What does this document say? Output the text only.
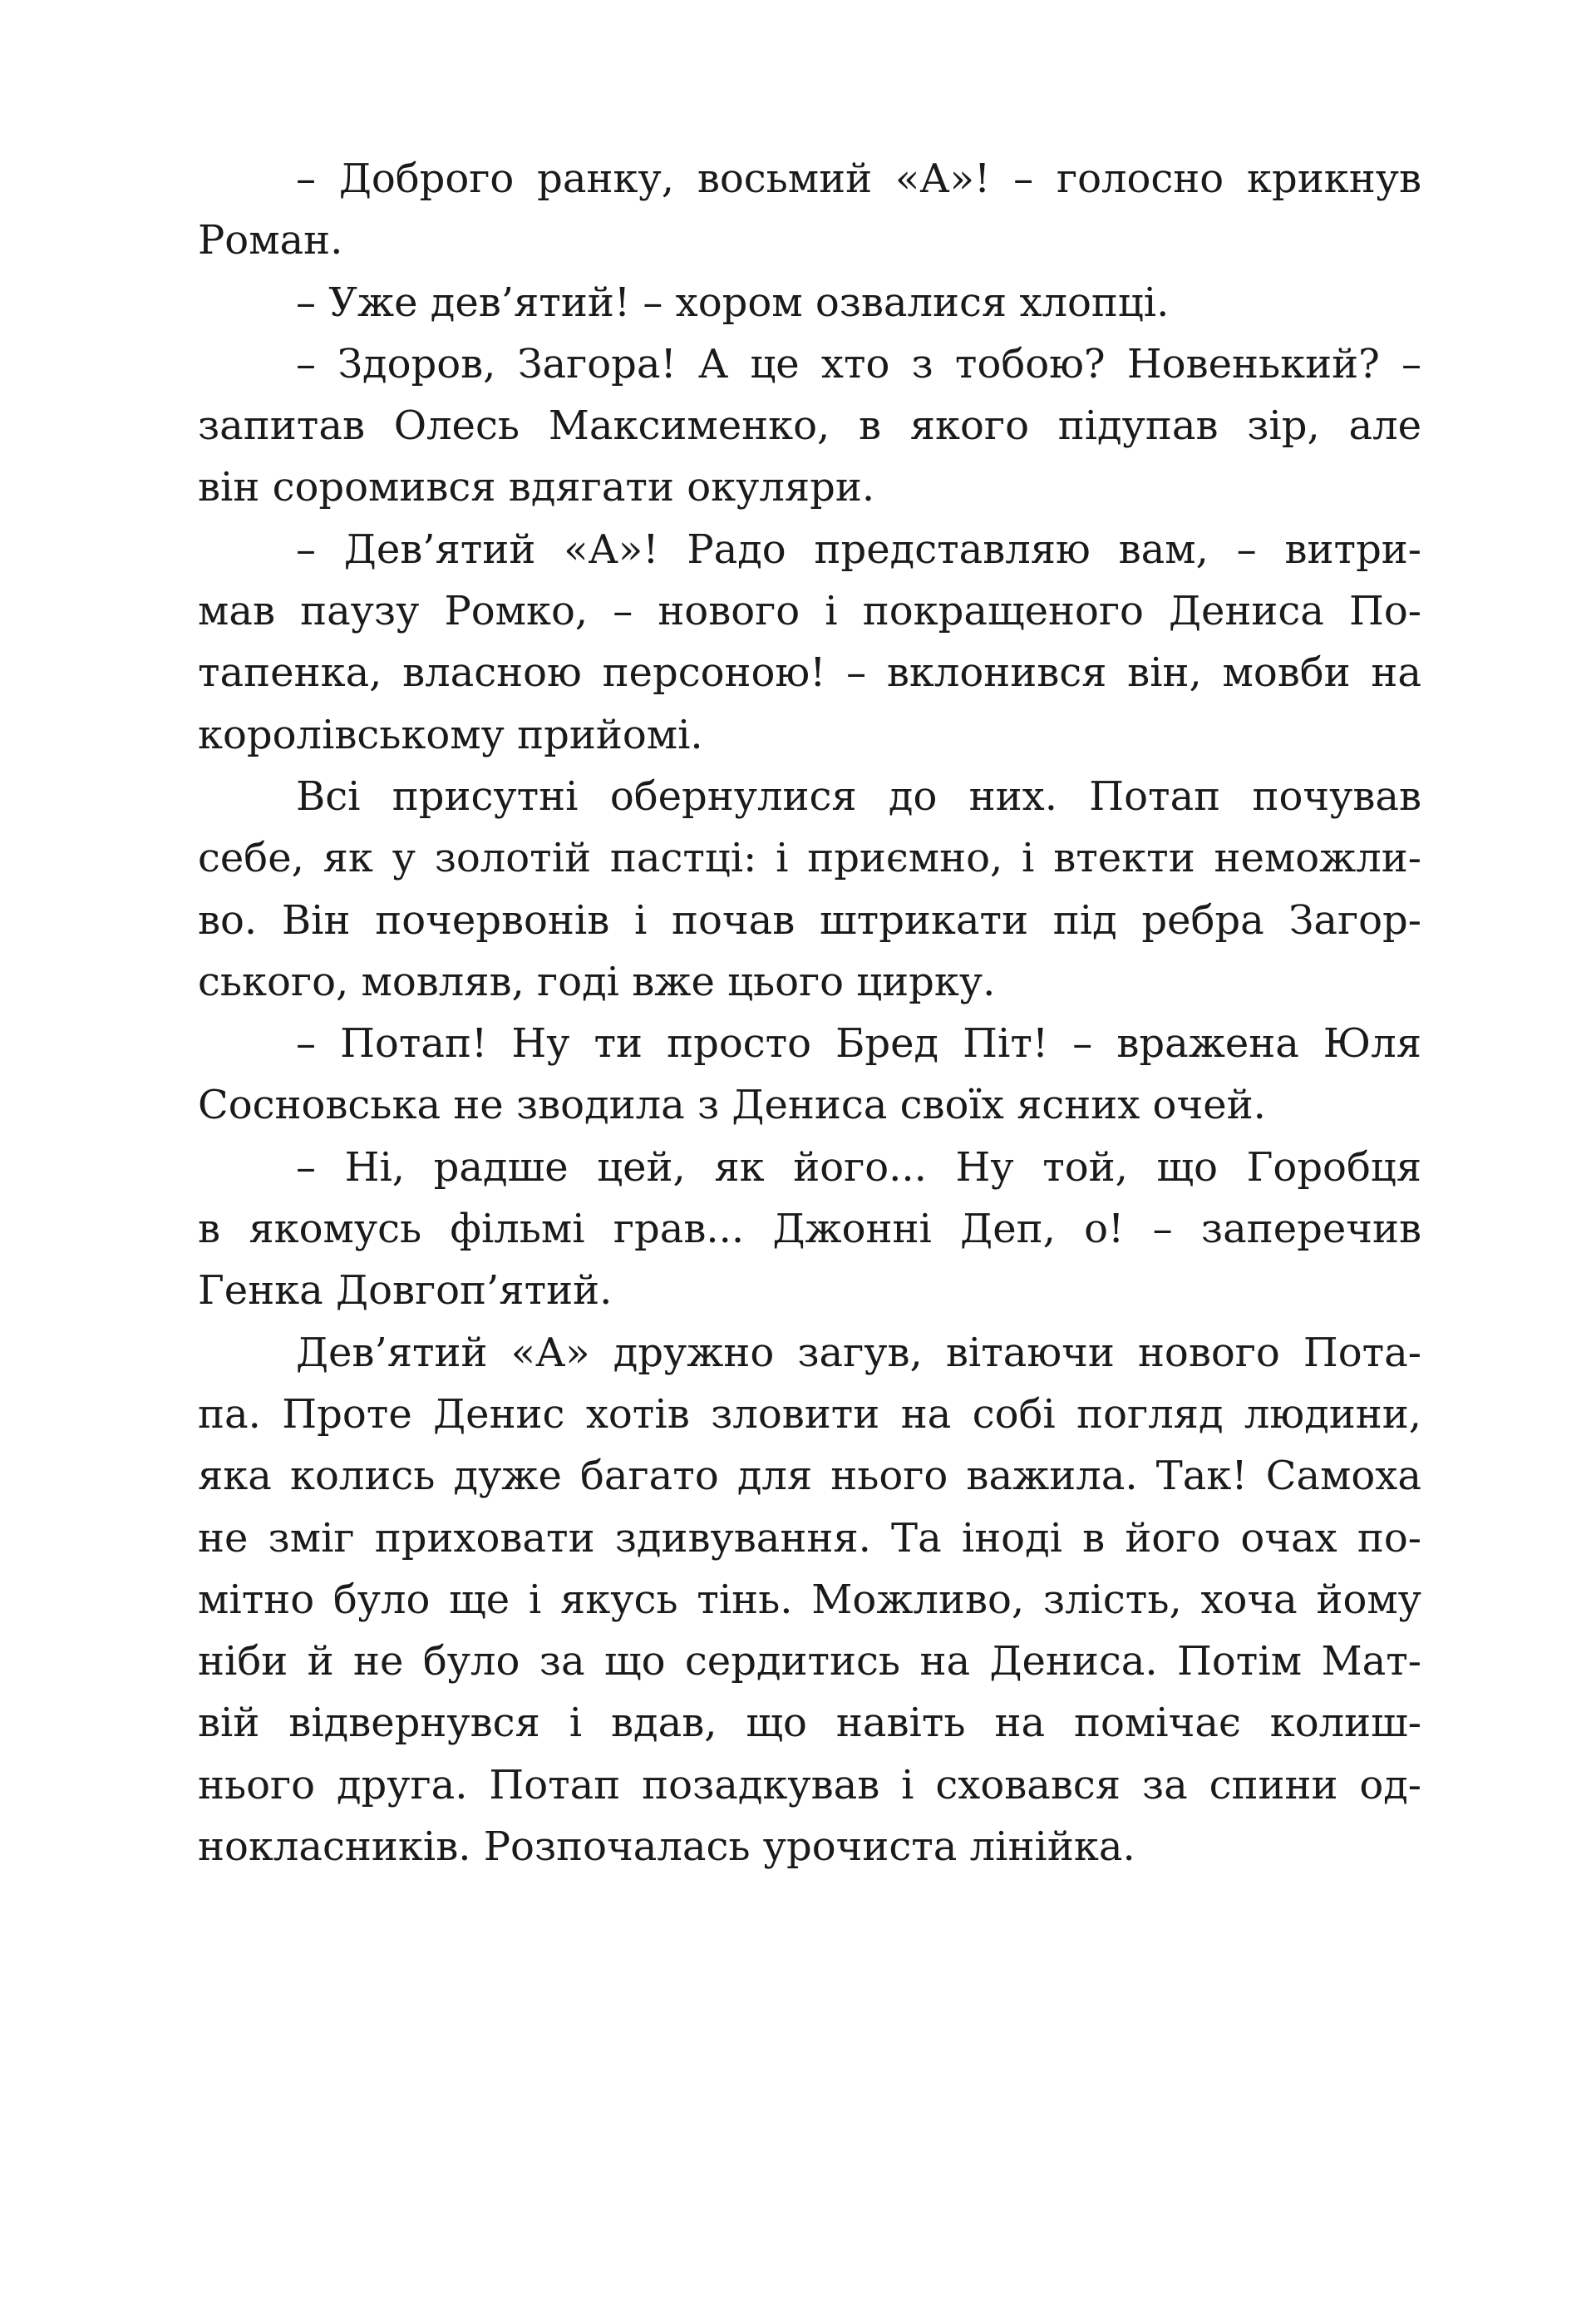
– Доброго ранку, восьмий «А»! – голосно крикнув
Роман.
– Уже дев’ятий! – хором озвалися хлопці.
– Здоров, Загора! А це хто з тобою? Новенький? –
запитав Олесь Максименко, в якого підупав зір, але
він соромився вдягати окуляри.
– Дев’ятий «А»! Радо представляю вам, – витри-
мав паузу Ромко, – нового і покращеного Дениса По-
тапенка, власною персоною! – вклонився він, мовби на
королівському прийомі.
Всі присутні обернулися до них. Потап почував
себе, як у золотій пастці: і приємно, і втекти неможли-
во. Він почервонів і почав штрикати під ребра Загор-
ського, мовляв, годі вже цього цирку.
– Потап! Ну ти просто Бред Піт! – вражена Юля
Сосновська не зводила з Дениса своїх ясних очей.
– Ні, радше цей, як його... Ну той, що Горобця
в якомусь фільмі грав... Джонні Деп, о! – заперечив
Генка Довгоп’ятий.
Дев’ятий «А» дружно загув, вітаючи нового Пота-
па. Проте Денис хотів зловити на собі погляд людини,
яка колись дуже багато для нього важила. Так! Самоха
не зміг приховати здивування. Та іноді в його очах по-
мітно було ще і якусь тінь. Можливо, злість, хоча йому
ніби й не було за що сердитись на Дениса. Потім Мат-
вій відвернувся і вдав, що навіть на помічає колиш-
нього друга. Потап позадкував і сховався за спини од-
нокласників. Розпочалась урочиста лінійка.
